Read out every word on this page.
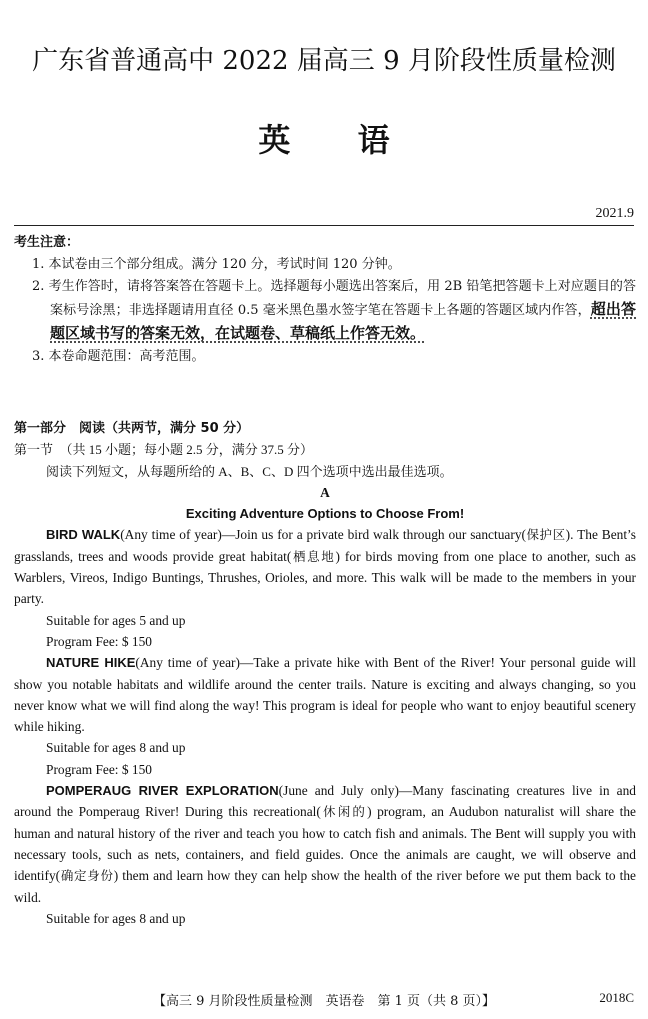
广东省普通高中 2022 届高三 9 月阶段性质量检测
英 语
2021.9
考生注意：
1. 本试卷由三个部分组成。满分 120 分，考试时间 120 分钟。
2. 考生作答时，请将答案答在答题卡上。选择题每小题选出答案后，用 2B 铅笔把答题卡上对应题目的答案标号涂黑；非选择题请用直径 0.5 毫米黑色墨水签字笔在答题卡上各题的答题区域内作答，超出答题区域书写的答案无效，在试题卷、草稿纸上作答无效。
3. 本卷命题范围：高考范围。
第一部分　阅读（共两节，满分 50 分）
第一节　（共 15 小题；每小题 2.5 分，满分 37.5 分）
阅读下列短文，从每题所给的 A、B、C、D 四个选项中选出最佳选项。
A
Exciting Adventure Options to Choose From!

BIRD WALK(Any time of year)—Join us for a private bird walk through our sanctuary(保护区). The Bent’s grasslands, trees and woods provide great habitat(栖息地) for birds moving from one place to another, such as Warblers, Vireos, Indigo Buntings, Thrushes, Orioles, and more. This walk will be made to the members in your party.

Suitable for ages 5 and up
Program Fee: $ 150

NATURE HIKE(Any time of year)—Take a private hike with Bent of the River! Your personal guide will show you notable habitats and wildlife around the center trails. Nature is exciting and always changing, so you never know what we will find along the way! This program is ideal for people who want to enjoy beautiful scenery while hiking.

Suitable for ages 8 and up
Program Fee: $ 150

POMPERAUG RIVER EXPLORATION(June and July only)—Many fascinating creatures live in and around the Pomperaug River! During this recreational(休闲的) program, an Audubon naturalist will share the human and natural history of the river and teach you how to catch fish and animals. The Bent will supply you with necessary tools, such as nets, containers, and field guides. Once the animals are caught, we will observe and identify(确定身份) them and learn how they can help show the health of the river before we put them back to the wild.

Suitable for ages 8 and up
【高三 9 月阶段性质量检测　英语卷　第 1 页（共 8 页）】	2018C
